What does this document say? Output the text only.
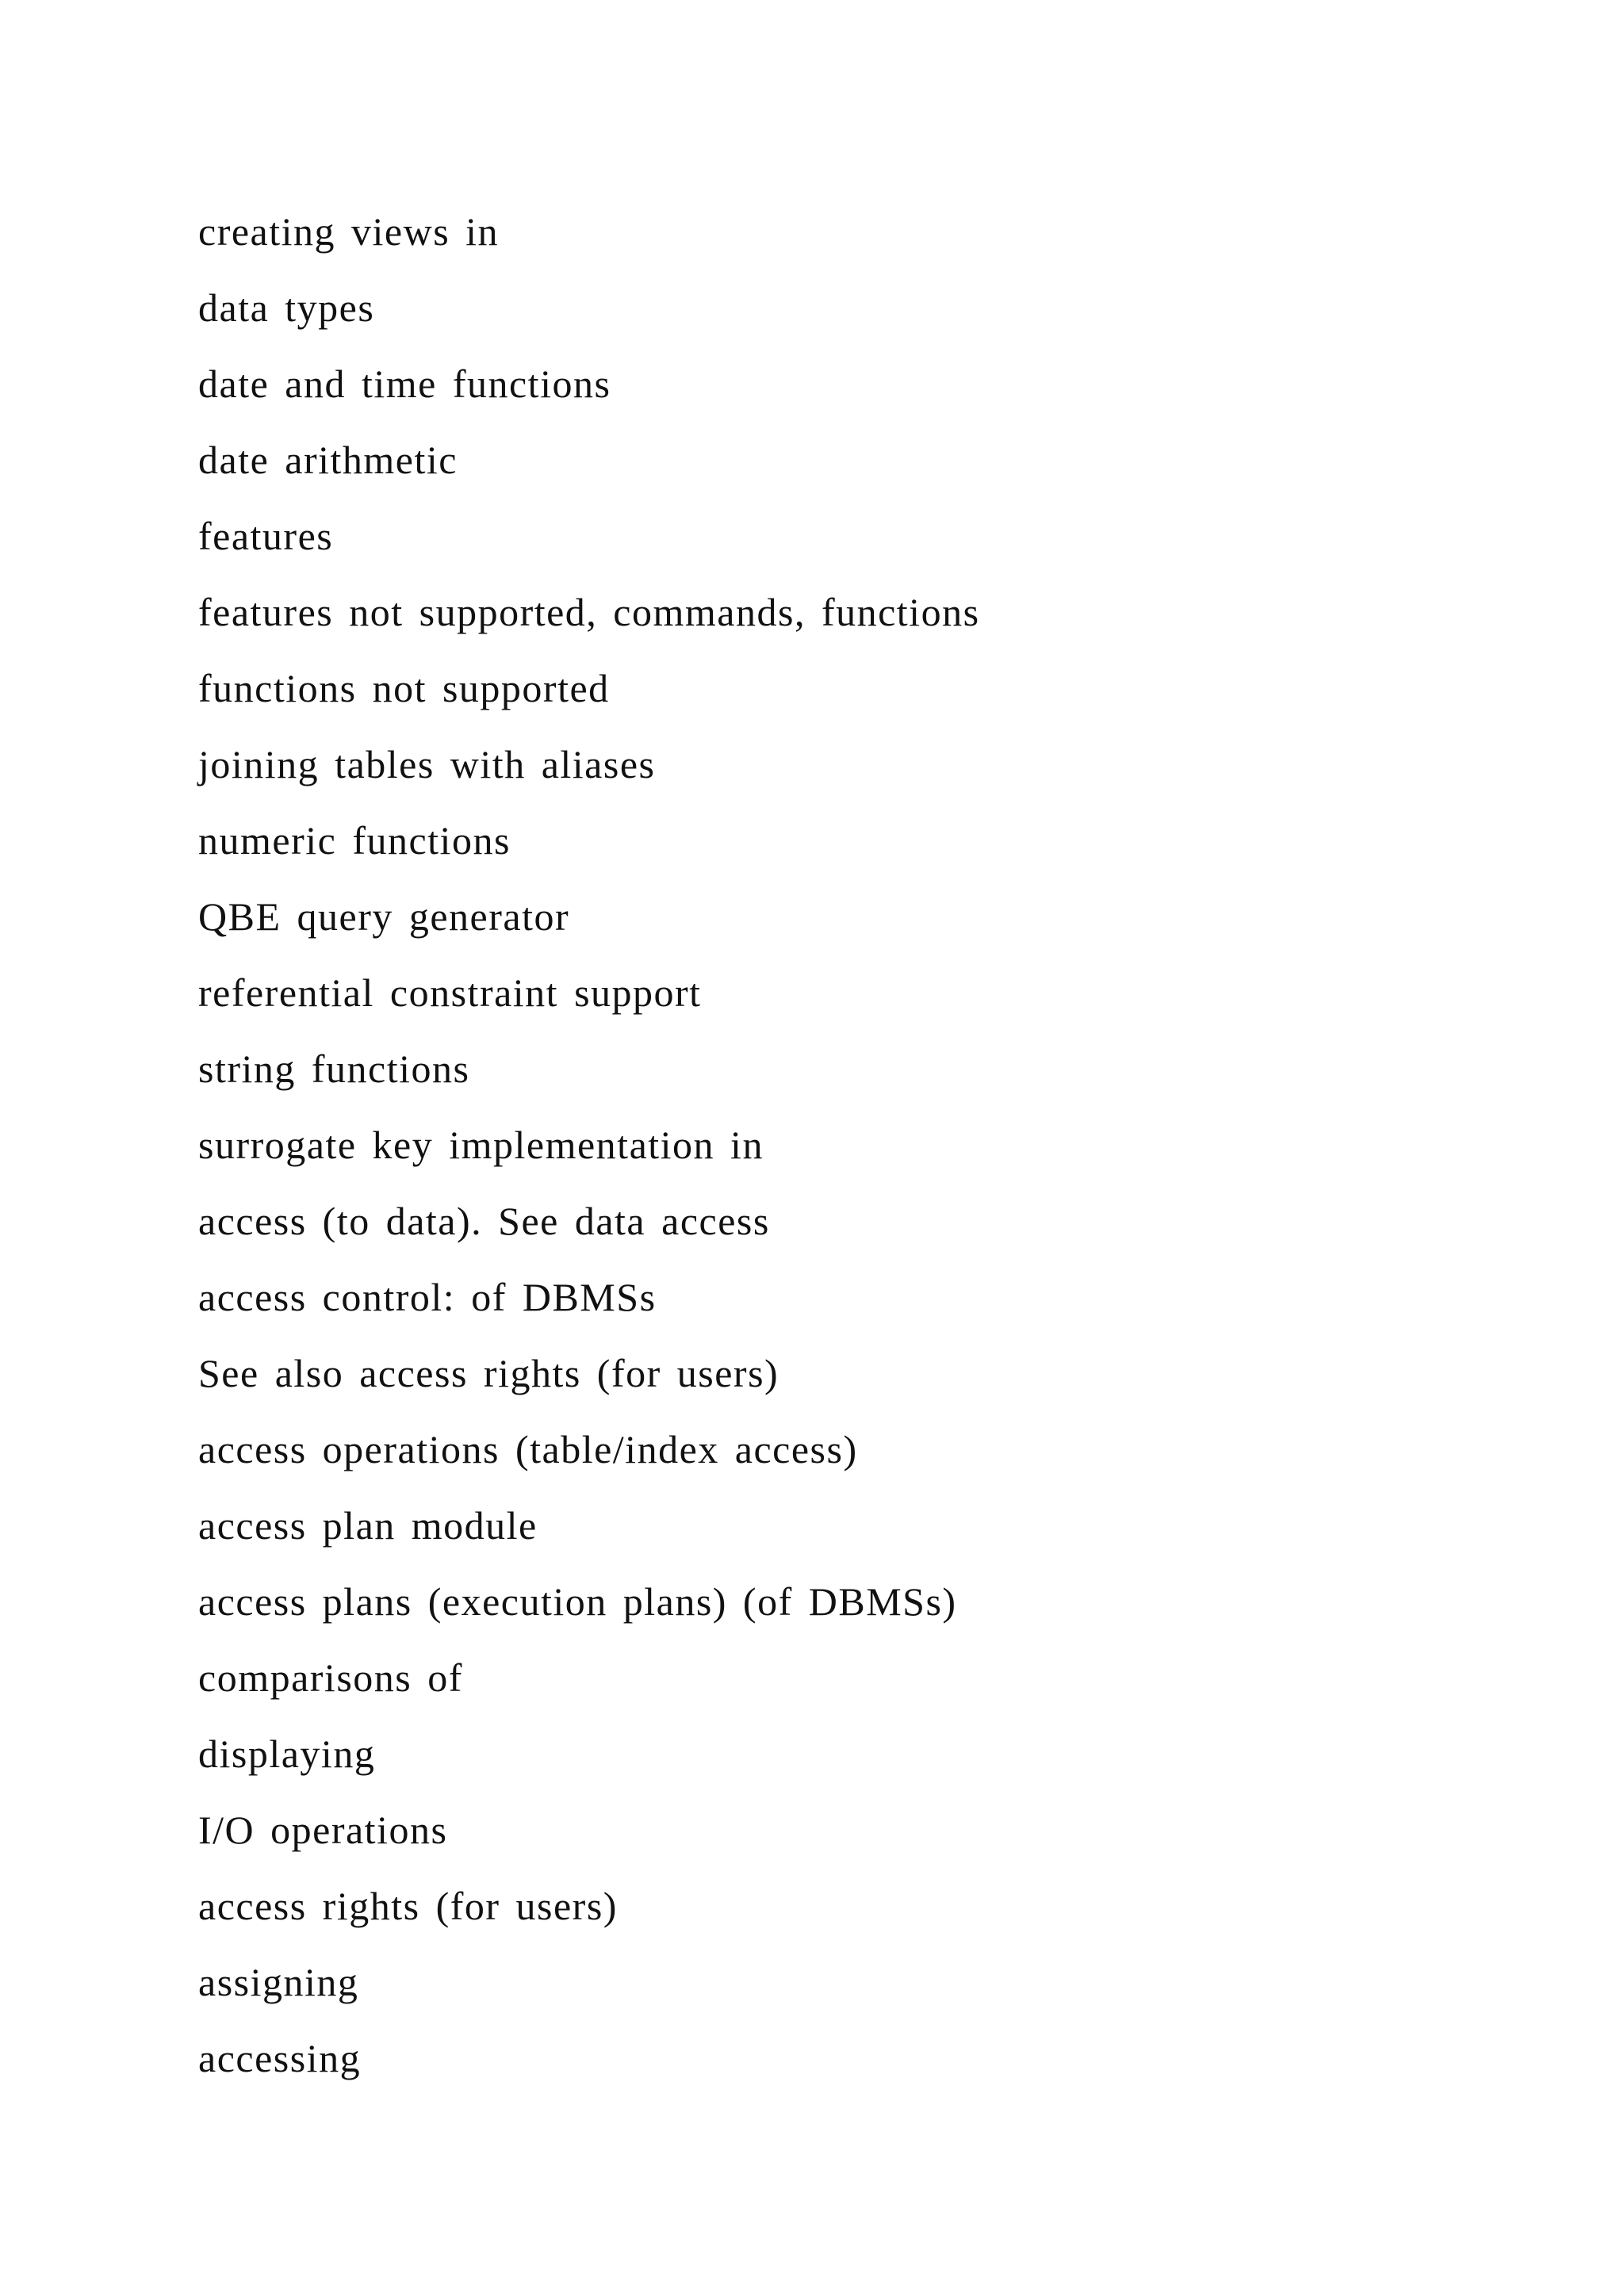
creating views in
data types
date and time functions
date arithmetic
features
features not supported, commands, functions
functions not supported
joining tables with aliases
numeric functions
QBE query generator
referential constraint support
string functions
surrogate key implementation in
access (to data). See data access
access control: of DBMSs
See also access rights (for users)
access operations (table/index access)
access plan module
access plans (execution plans) (of DBMSs)
comparisons of
displaying
I/O operations
access rights (for users)
assigning
accessing
